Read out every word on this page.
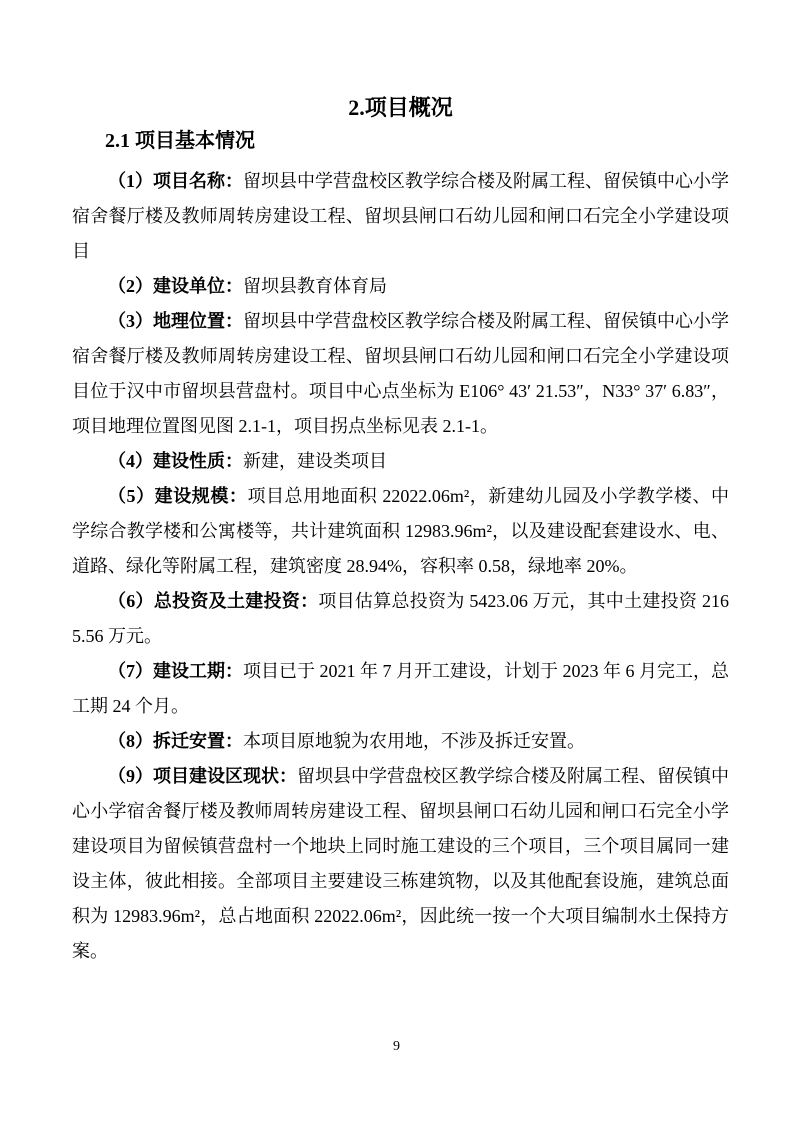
2.项目概况
2.1 项目基本情况

（1）项目名称：留坝县中学营盘校区教学综合楼及附属工程、留侯镇中心小学宿舍餐厅楼及教师周转房建设工程、留坝县闸口石幼儿园和闸口石完全小学建设项目

（2）建设单位：留坝县教育体育局

（3）地理位置：留坝县中学营盘校区教学综合楼及附属工程、留侯镇中心小学宿舍餐厅楼及教师周转房建设工程、留坝县闸口石幼儿园和闸口石完全小学建设项目位于汉中市留坝县营盘村。项目中心点坐标为 E106° 43′ 21.53″，N33° 37′ 6.83″，项目地理位置图见图 2.1-1，项目拐点坐标见表 2.1-1。

（4）建设性质：新建，建设类项目

（5）建设规模：项目总用地面积 22022.06m²，新建幼儿园及小学教学楼、中学综合教学楼和公寓楼等，共计建筑面积 12983.96m²，以及建设配套建设水、电、道路、绿化等附属工程，建筑密度 28.94%，容积率 0.58，绿地率 20%。

（6）总投资及土建投资：项目估算总投资为 5423.06 万元，其中土建投资 2165.56 万元。

（7）建设工期：项目已于 2021 年 7 月开工建设，计划于 2023 年 6 月完工，总工期 24 个月。

（8）拆迁安置：本项目原地貌为农用地，不涉及拆迁安置。

（9）项目建设区现状：留坝县中学营盘校区教学综合楼及附属工程、留侯镇中心小学宿舍餐厅楼及教师周转房建设工程、留坝县闸口石幼儿园和闸口石完全小学建设项目为留候镇营盘村一个地块上同时施工建设的三个项目，三个项目属同一建设主体，彼此相接。全部项目主要建设三栋建筑物，以及其他配套设施，建筑总面积为 12983.96m²，总占地面积 22022.06m²，因此统一按一个大项目编制水土保持方案。

9
